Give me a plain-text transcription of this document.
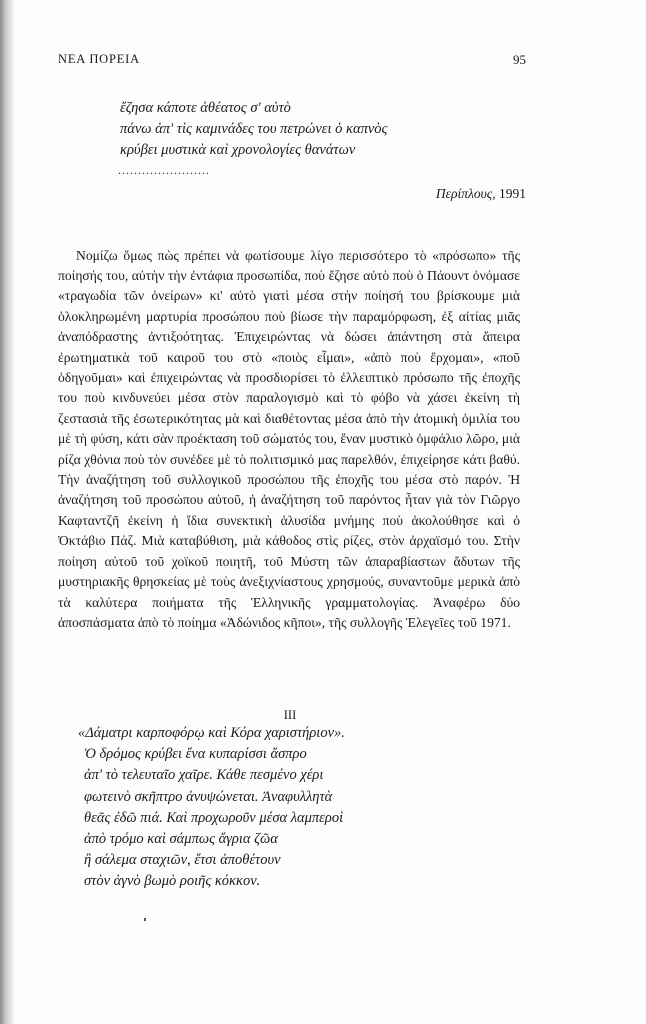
ΝΕΑ ΠΟΡΕΙΑ	95
ἔζησα κάποτε ἀθέατος σ' αὐτὸ
πάνω ἀπ' τὶς καμινάδες του πετρώνει ὁ καπνὸς
κρύβει μυστικὰ καὶ χρονολογίες θανάτων
.......................
Περίπλους, 1991

Νομίζω ὅμως πὼς πρέπει νὰ φωτίσουμε λίγο περισσότερο τὸ «πρόσωπο» τῆς ποίησής του, αὐτὴν τὴν ἐντάφια προσωπίδα, ποὺ ἔζησε αὐτὸ ποὺ ὁ Πάουντ ὀνόμασε «τραγωδία τῶν ὀνείρων» κι' αὐτὸ γιατὶ μέσα στὴν ποίησή του βρίσκουμε μιὰ ὁλοκληρωμένη μαρτυρία προσώπου ποὺ βίωσε τὴν παραμόρφωση, ἐξ αἰτίας μιᾶς ἀναπόδραστης ἀντιξοότητας. Ἐπιχειρώντας νὰ δώσει ἀπάντηση στὰ ἄπειρα ἐρωτηματικὰ τοῦ καιροῦ του στὸ «ποιὸς εἶμαι», «ἀπὸ ποὺ ἔρχομαι», «ποῦ ὁδηγοῦμαι» καὶ ἐπιχειρώντας νὰ προσδιορίσει τὸ ἐλλειπτικὸ πρόσωπο τῆς ἐποχῆς του ποὺ κινδυνεύει μέσα στὸν παραλογισμὸ καὶ τὸ φόβο νὰ χάσει ἐκείνη τὴ ζεστασιὰ τῆς ἐσωτερικότητας μὰ καὶ διαθέτοντας μέσα ἀπὸ τὴν ἀτομικὴ ὁμιλία του μὲ τὴ φύση, κάτι σὰν προέκταση τοῦ σώματός του, ἕναν μυστικὸ ὀμφάλιο λῶρο, μιὰ ρίζα χθόνια ποὺ τὸν συνέδεε μὲ τὸ πολιτισμικό μας παρελθόν, ἐπιχείρησε κάτι βαθύ. Τὴν ἀναζήτηση τοῦ συλλογικοῦ προσώπου τῆς ἐποχῆς του μέσα στὸ παρόν. Ἡ ἀναζήτηση τοῦ προσώπου αὐτοῦ, ἡ ἀναζήτηση τοῦ παρόντος ἦταν γιὰ τὸν Γιῶργο Καφταντζῆ ἐκείνη ἡ ἴδια συνεκτικὴ ἁλυσίδα μνήμης ποὺ ἀκολούθησε καὶ ὁ Ὀκτάβιο Πάζ. Μιὰ καταβύθιση, μιὰ κάθοδος στὶς ρίζες, στὸν ἀρχαϊσμό του. Στὴν ποίηση αὐτοῦ τοῦ χοϊκοῦ ποιητῆ, τοῦ Μύστη τῶν ἀπαραβίαστων ἄδυτων τῆς μυστηριακῆς θρησκείας μὲ τοὺς ἀνεξιχνίαστους χρησμούς, συναντοῦμε μερικὰ ἀπὸ τὰ καλύτερα ποιήματα τῆς Ἑλληνικῆς γραμματολογίας. Ἀναφέρω δύο ἀποσπάσματα ἀπὸ τὸ ποίημα «Ἀδώνιδος κῆποι», τῆς συλλογῆς Ἐλεγεῖες τοῦ 1971.

III
«Δάματρι καρποφόρῳ καὶ Κόρα χαριστήριον».
Ὁ δρόμος κρύβει ἕνα κυπαρίσσι ἄσπρο
ἀπ' τὸ τελευταῖο χαῖρε. Κάθε πεσμένο χέρι
φωτεινὸ σκῆπτρο ἀνυψώνεται. Ἀναφυλλητὰ
θεᾶς ἐδῶ πιά. Καὶ προχωροῦν μέσα λαμπεροὶ
ἀπὸ τρόμο καὶ σάμπως ἄγρια ζῶα
ἢ σάλεμα σταχιῶν, ἔτσι ἀποθέτουν
στὸν ἁγνὸ βωμὸ ροιῆς κόκκον.
